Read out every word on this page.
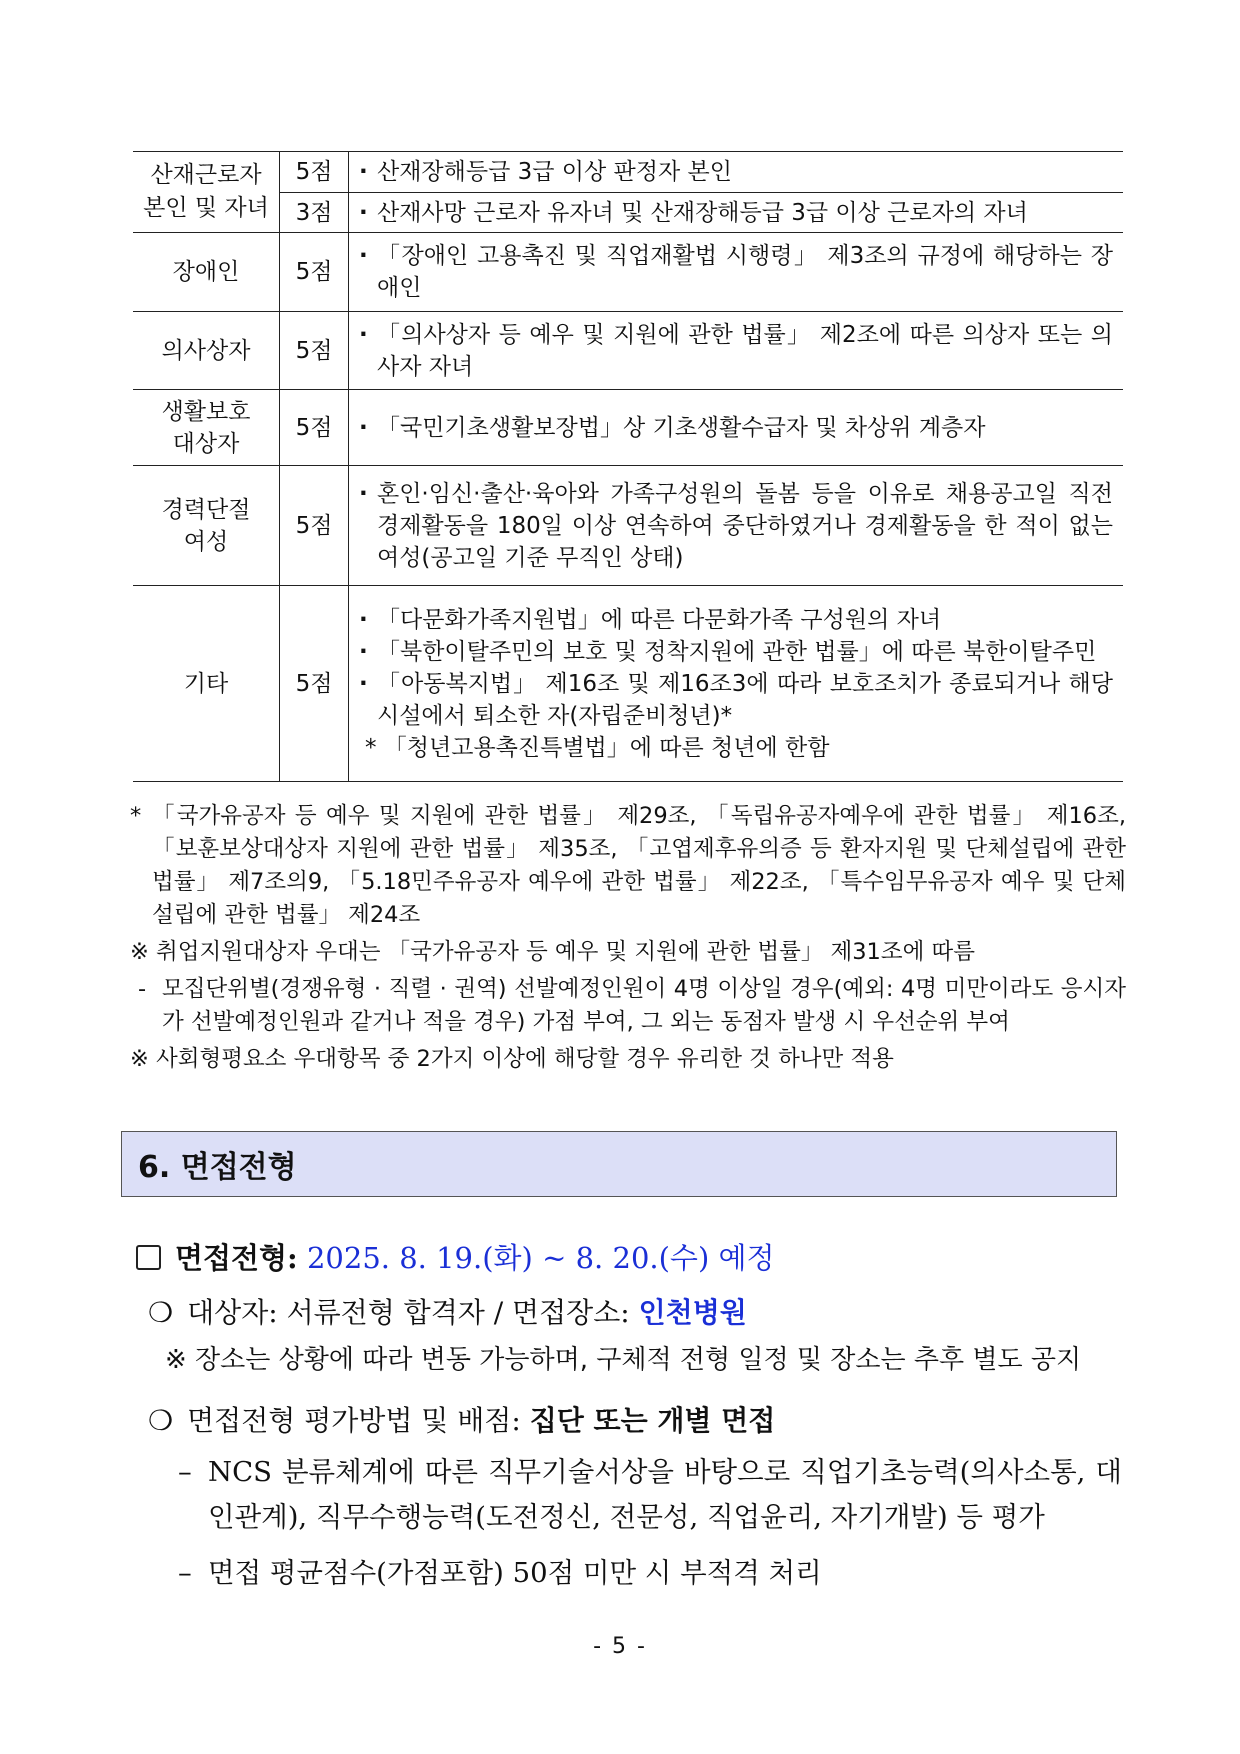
산재근로자
본인 및 자녀	5점	· 산재장해등급 3급 이상 판정자 본인

	3점	· 산재사망 근로자 유자녀 및 산재장해등급 3급 이상 근로자의 자녀

장애인	5점	· 「장애인 고용촉진 및 직업재활법 시행령」 제3조의 규정에 해당하는 장애인

의사상자	5점	· 「의사상자 등 예우 및 지원에 관한 법률」 제2조에 따른 의상자 또는 의사자 자녀

생활보호
대상자	5점	· 「국민기초생활보장법」상 기초생활수급자 및 차상위 계층자

경력단절
여성	5점	· 혼인·임신·출산·육아와 가족구성원의 돌봄 등을 이유로 채용공고일 직전 경제활동을 180일 이상 연속하여 중단하였거나 경제활동을 한 적이 없는 여성(공고일 기준 무직인 상태)

기타	5점	· 「다문화가족지원법」에 따른 다문화가족 구성원의 자녀
· 「북한이탈주민의 보호 및 정착지원에 관한 법률」에 따른 북한이탈주민
· 「아동복지법」 제16조 및 제16조3에 따라 보호조치가 종료되거나 해당 시설에서 퇴소한 자(자립준비청년)*
* 「청년고용촉진특별법」에 따른 청년에 한함
* 「국가유공자 등 예우 및 지원에 관한 법률」 제29조, 「독립유공자예우에 관한 법률」 제16조, 「보훈보상대상자 지원에 관한 법률」 제35조, 「고엽제후유의증 등 환자지원 및 단체설립에 관한 법률」 제7조의9, 「5.18민주유공자 예우에 관한 법률」 제22조, 「특수임무유공자 예우 및 단체설립에 관한 법률」 제24조
※ 취업지원대상자 우대는 「국가유공자 등 예우 및 지원에 관한 법률」 제31조에 따름
- 모집단위별(경쟁유형 · 직렬 · 권역) 선발예정인원이 4명 이상일 경우(예외: 4명 미만이라도 응시자가 선발예정인원과 같거나 적을 경우) 가점 부여, 그 외는 동점자 발생 시 우선순위 부여
※ 사회형평요소 우대항목 중 2가지 이상에 해당할 경우 유리한 것 하나만 적용
6. 면접전형
면접전형: 2025. 8. 19.(화) ~ 8. 20.(수) 예정
❍ 대상자: 서류전형 합격자 / 면접장소: 인천병원
※ 장소는 상황에 따라 변동 가능하며, 구체적 전형 일정 및 장소는 추후 별도 공지
❍ 면접전형 평가방법 및 배점: 집단 또는 개별 면접
– NCS 분류체계에 따른 직무기술서상을 바탕으로 직업기초능력(의사소통, 대인관계), 직무수행능력(도전정신, 전문성, 직업윤리, 자기개발) 등 평가
– 면접 평균점수(가점포함) 50점 미만 시 부적격 처리
- 5 -
